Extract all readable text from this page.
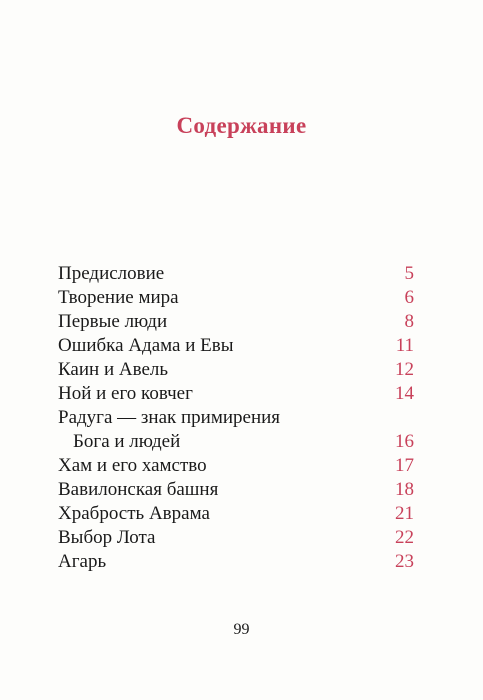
⠀
⠀
Содержание
Предисловие	5
Творение мира	6
Первые люди	8
Ошибка Адама и Евы	11
Каин и Авель	12
Ной и его ковчег	14
Радуга — знак примирения
Бога и людей	16
Хам и его хамство	17
Вавилонская башня	18
Храбрость Аврама	21
Выбор Лота	22
Агарь	23
99
